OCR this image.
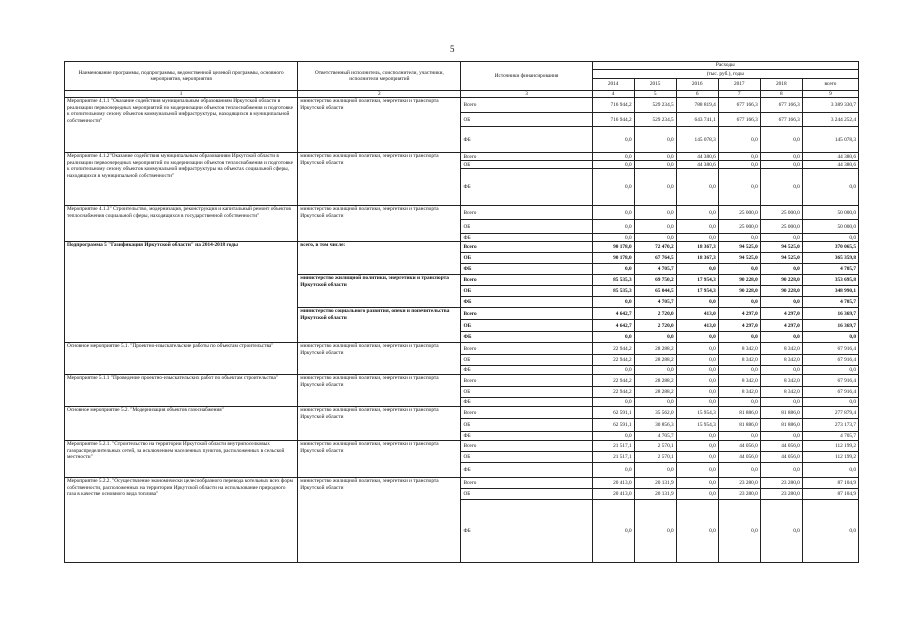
5
Наименование программы, подпрограммы, ведомственной целевой программы, основного мероприятия, мероприятия	Ответственный исполнитель, соисполнители, участники, исполнители мероприятий	Источники финансирования	Расходы					
			(тыс. руб.), годы					
			2014	2015	2016	2017	2018	всего
1	2	3	4	5	6	7	8	9
Мероприятие 4.1.1 "Оказание содействия муниципальным образованиям Иркутской области в реализации первоочередных мероприятий по модернизации объектов теплоснабжения и подготовке к отопительному сезону объектов коммунальной инфраструктуры, находящихся в муниципальной собственности"	министерство жилищной политики, энергетики и транспорта Иркутской области	Всего	716 944,2	529 234,5	788 819,4	677 166,3	677 166,3	3 389 330,7
		ОБ	716 944,2	529 234,5	643 741,1	677 166,3	677 166,3	3 244 252,4
		ФБ	0,0	0,0	145 078,3	0,0	0,0	145 078,3
Мероприятие 4.1.2"Оказание содействия муниципальным образованиям Иркутской области в реализации первоочередных мероприятий по модернизации объектов теплоснабжения и подготовке к отопительному сезону объектов коммунальной инфраструктуры на объектах социальной сферы, находящихся в муниципальной собственности"	министерство жилищной политики, энергетики и транспорта Иркутской области	Всего	0,0	0,0	44 380,6	0,0	0,0	44 380,6
		ОБ	0,0	0,0	44 380,6	0,0	0,0	44 380,6
		ФБ	0,0	0,0	0,0	0,0	0,0	0,0
Мероприятие 4.1.3" Строительство, модернизация, реконструкция и капитальный ремонт объектов теплоснабжения социальной сферы, находящихся в государственной собственности"	министерство жилищной политики, энергетики и транспорта Иркутской области	Всего	0,0	0,0	0,0	25 000,0	25 000,0	50 000,0
		ОБ	0,0	0,0	0,0	25 000,0	25 000,0	50 000,0
		ФБ	0,0	0,0	0,0	0,0	0,0	0,0
Подпрограмма 5 "Газификация Иркутской области" на 2014-2018 годы	всего, в том числе:	Всего	90 178,0	72 470,2	18 367,3	94 525,0	94 525,0	370 065,5
		ОБ	90 178,0	67 764,5	18 367,3	94 525,0	94 525,0	365 359,8
		ФБ	0,0	4 705,7	0,0	0,0	0,0	4 705,7
	министерство жилищной политики, энергетики и транспорта Иркутской области	Всего	85 535,3	69 750,2	17 954,3	90 228,0	90 228,0	353 695,8
		ОБ	85 535,3	65 044,5	17 954,3	90 228,0	90 228,0	348 990,1
		ФБ	0,0	4 705,7	0,0	0,0	0,0	4 705,7
	министерство социального развития, опеки и попечительства Иркутской области	Всего	4 642,7	2 720,0	413,0	4 297,0	4 297,0	16 369,7
		ОБ	4 642,7	2 720,0	413,0	4 297,0	4 297,0	16 369,7
		ФБ	0,0	0,0	0,0	0,0	0,0	0,0
Основное мероприятие 5.1. "Проектно-изыскательские работы по объектам строительства"	министерство жилищной политики, энергетики и транспорта Иркутской области	Всего	22 944,2	28 288,2	0,0	8 342,0	8 342,0	67 916,4
		ОБ	22 944,2	28 288,2	0,0	8 342,0	8 342,0	67 916,4
		ФБ	0,0	0,0	0,0	0,0	0,0	0,0
Мероприятие 5.1.1 "Проведение проектно-изыскательских работ по объектам строительства"	министерство жилищной политики, энергетики и транспорта Иркутской области	Всего	22 944,2	28 288,2	0,0	8 342,0	8 342,0	67 916,4
		ОБ	22 944,2	28 288,2	0,0	8 342,0	8 342,0	67 916,4
		ФБ	0,0	0,0	0,0	0,0	0,0	0,0
Основное мероприятие 5.2. "Модернизация объектов газоснабжения"	министерство жилищной политики, энергетики и транспорта Иркутской области	Всего	62 591,1	35 562,0	15 954,3	81 886,0	81 886,0	277 879,4
		ОБ	62 591,1	30 856,3	15 954,3	81 886,0	81 886,0	273 173,7
		ФБ	0,0	4 705,7	0,0	0,0	0,0	4 705,7
Мероприятие 5.2.1. "Строительство на территории Иркутской области внутрипоселковых газораспределительных сетей, за исключением населенных пунктов, расположенных в сельской местности"	министерство жилищной политики, энергетики и транспорта Иркутской области	Всего	21 517,1	2 570,1	0,0	44 056,0	44 056,0	112 199,2
		ОБ	21 517,1	2 570,1	0,0	44 056,0	44 056,0	112 199,2
		ФБ	0,0	0,0	0,0	0,0	0,0	0,0
Мероприятие 5.2.2. "Осуществление экономически целесообразного перевода котельных всех форм собственности, расположенных на территории Иркутской области на использование природного газа в качестве основного вида топлива"	министерство жилищной политики, энергетики и транспорта Иркутской области	Всего	20 413,0	20 131,9	0,0	23 280,0	23 280,0	87 104,9
		ОБ	20 413,0	20 131,9	0,0	23 280,0	23 280,0	87 104,9
		ФБ	0,0	0,0	0,0	0,0	0,0	0,0
